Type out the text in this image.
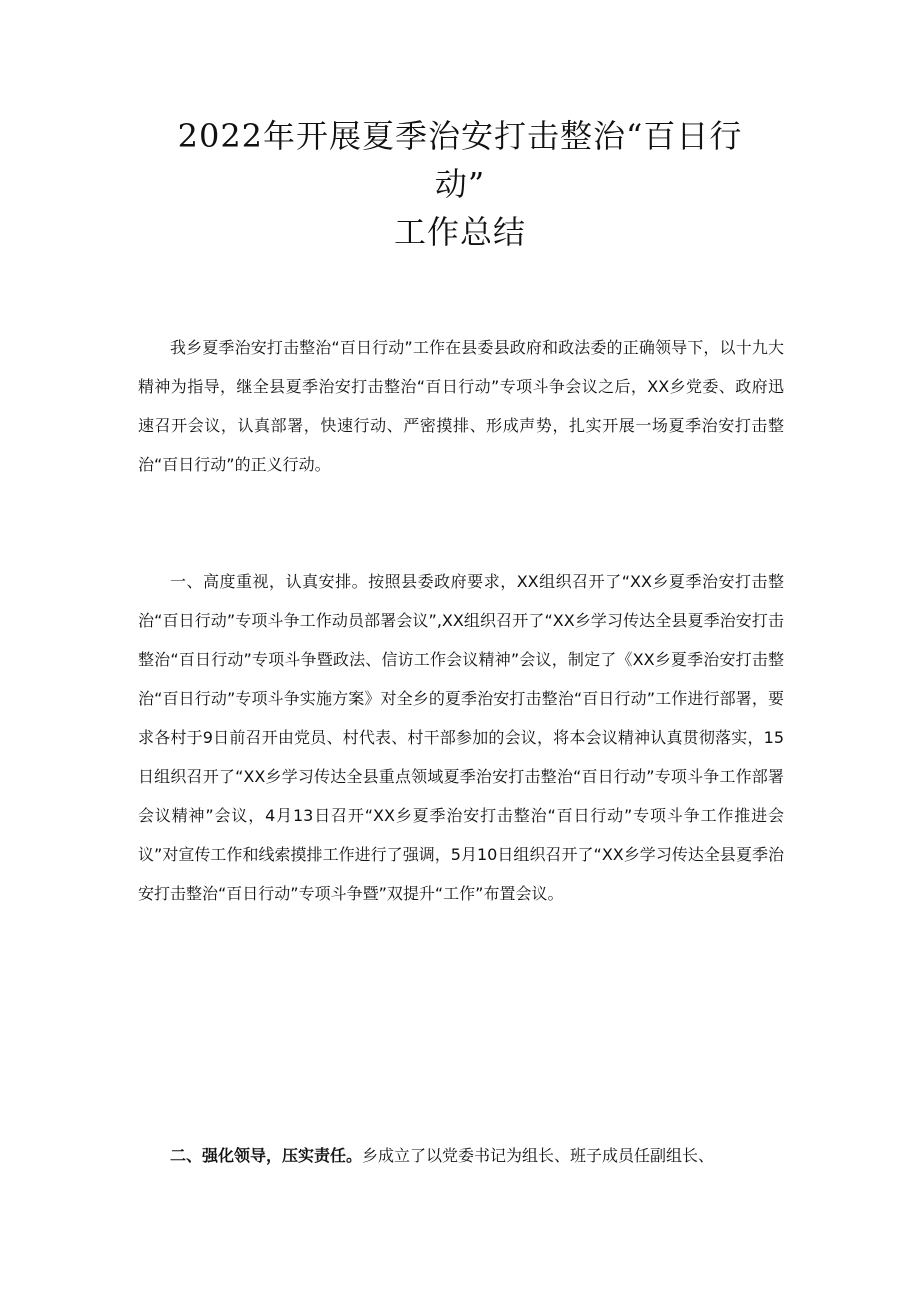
2022年开展夏季治安打击整治“百日行
动”
工作总结

我乡夏季治安打击整治“百日行动”工作在县委县政府和政法委的正确领导下，以十九大精神为指导，继全县夏季治安打击整治“百日行动”专项斗争会议之后，XX乡党委、政府迅速召开会议，认真部署，快速行动、严密摸排、形成声势，扎实开展一场夏季治安打击整治“百日行动”的正义行动。

一、高度重视，认真安排。按照县委政府要求，XX组织召开了“XX乡夏季治安打击整治“百日行动”专项斗争工作动员部署会议”,XX组织召开了“XX乡学习传达全县夏季治安打击整治“百日行动”专项斗争暨政法、信访工作会议精神”会议，制定了《XX乡夏季治安打击整治“百日行动”专项斗争实施方案》对全乡的夏季治安打击整治“百日行动”工作进行部署，要求各村于9日前召开由党员、村代表、村干部参加的会议，将本会议精神认真贯彻落实，15日组织召开了“XX乡学习传达全县重点领域夏季治安打击整治“百日行动”专项斗争工作部署会议精神”会议，4月13日召开“XX乡夏季治安打击整治“百日行动”专项斗争工作推进会议”对宣传工作和线索摸排工作进行了强调，5月10日组织召开了“XX乡学习传达全县夏季治安打击整治“百日行动”专项斗争暨”双提升“工作”布置会议。

二、强化领导，压实责任。乡成立了以党委书记为组长、班子成员任副组长、
